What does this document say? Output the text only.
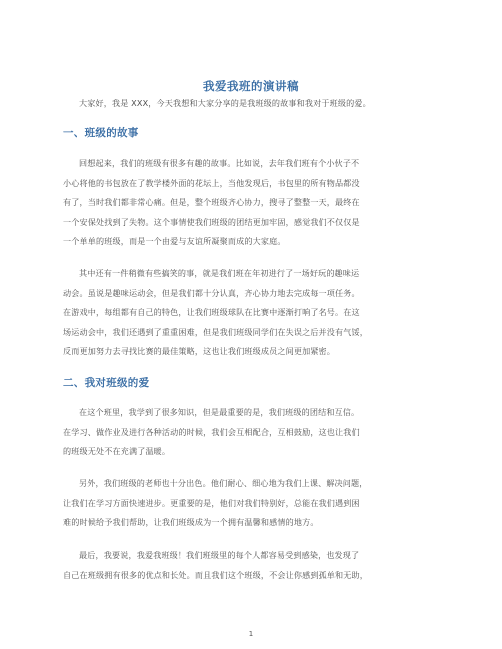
我爱我班的演讲稿
大家好，我是 XXX，今天我想和大家分享的是我班级的故事和我对于班级的爱。
一、班级的故事
回想起来，我们的班级有很多有趣的故事。比如说，去年我们班有个小伙子不
小心将他的书包放在了教学楼外面的花坛上，当他发现后，书包里的所有物品都没
有了，当时我们都非常心痛。但是，整个班级齐心协力，搜寻了整整一天，最终在
一个安保处找到了失物。这个事情使我们班级的团结更加牢固，感觉我们不仅仅是
一个单单的班级，而是一个由爱与友谊所凝聚而成的大家庭。
其中还有一件稍微有些搞笑的事，就是我们班在年初进行了一场好玩的趣味运
动会。虽说是趣味运动会，但是我们都十分认真，齐心协力地去完成每一项任务。
在游戏中，每组都有自己的特色，让我们班级球队在比赛中逐渐打响了名号。在这
场运动会中，我们还遇到了重重困难，但是我们班级同学们在失误之后并没有气馁，
反而更加努力去寻找比赛的最佳策略，这也让我们班级成员之间更加紧密。
二、我对班级的爱
在这个班里，我学到了很多知识，但是最重要的是，我们班级的团结和互信。
在学习、做作业及进行各种活动的时候，我们会互相配合，互相鼓励，这也让我们
的班级无处不在充满了温暖。
另外，我们班级的老师也十分出色。他们耐心、细心地为我们上课、解决问题，
让我们在学习方面快速进步。更重要的是，他们对我们特别好，总能在我们遇到困
难的时候给予我们帮助，让我们班级成为一个拥有温馨和感情的地方。
最后，我要说，我爱我班级！我们班级里的每个人都容易受到感染，也发现了
自己在班级拥有很多的优点和长处。而且我们这个班级，不会让你感到孤单和无助，
1
